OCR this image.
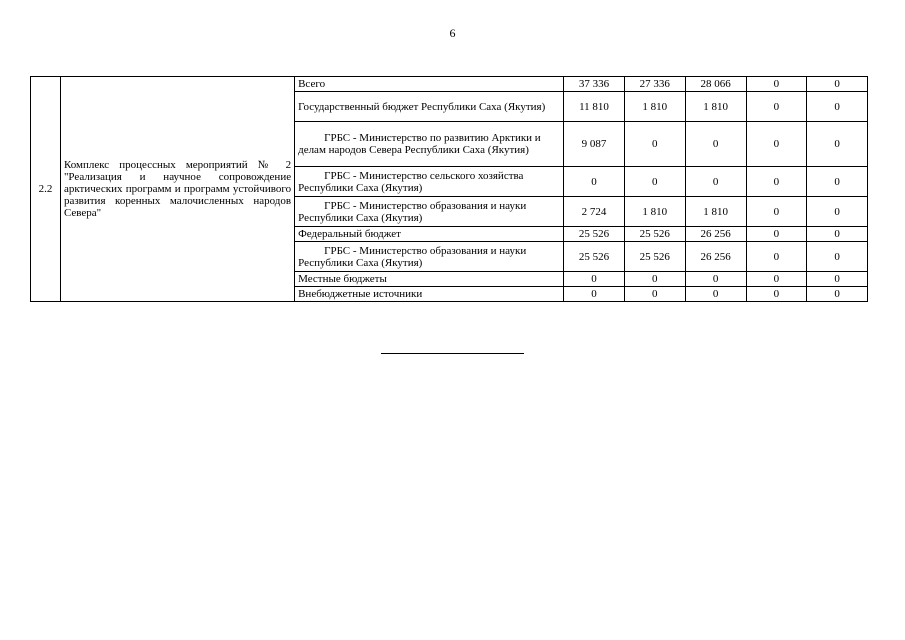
6
2.2	Комплекс процессных мероприятий № 2 "Реализация и научное сопровождение арктических программ и программ устойчивого развития коренных малочисленных народов Севера"	Всего	37 336	27 336	28 066	0	0
		Государственный бюджет Республики Саха (Якутия)	11 810	1 810	1 810	0	0
		ГРБС - Министерство по развитию Арктики и делам народов Севера Республики Саха (Якутия)	9 087	0	0	0	0
		ГРБС - Министерство сельского хозяйства Республики Саха (Якутия)	0	0	0	0	0
		ГРБС - Министерство образования и науки Республики Саха (Якутия)	2 724	1 810	1 810	0	0
		Федеральный бюджет	25 526	25 526	26 256	0	0
		ГРБС - Министерство образования и науки Республики Саха (Якутия)	25 526	25 526	26 256	0	0
		Местные бюджеты	0	0	0	0	0
		Внебюджетные источники	0	0	0	0	0
